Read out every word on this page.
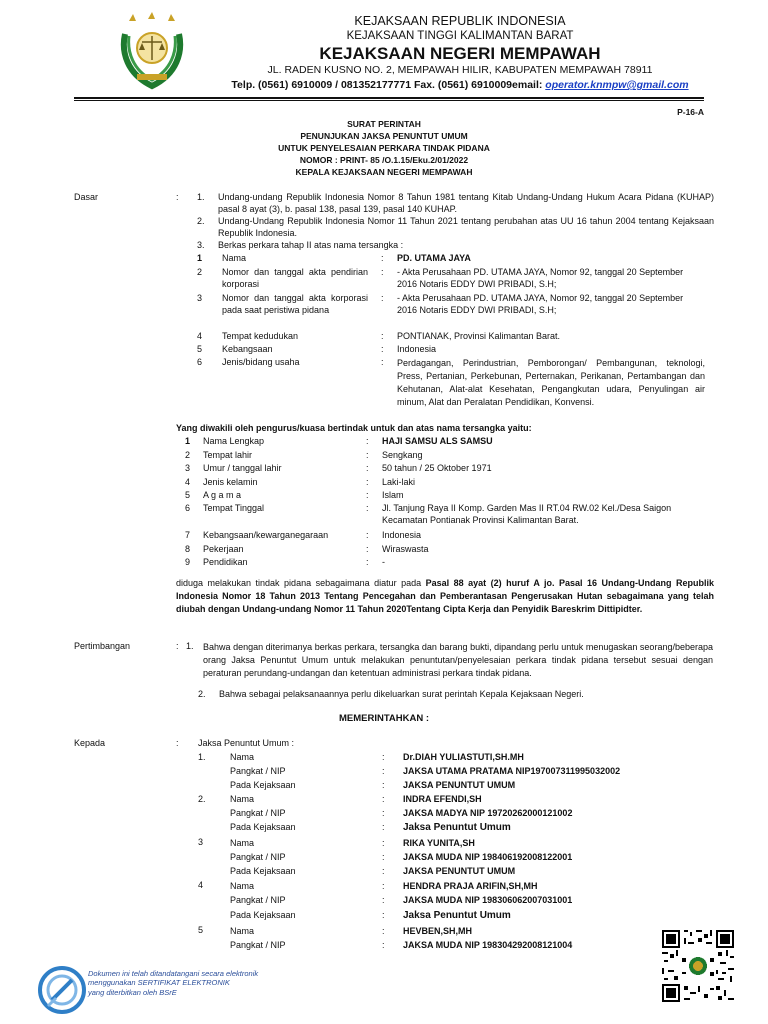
KEJAKSAAN REPUBLIK INDONESIA
KEJAKSAAN TINGGI KALIMANTAN BARAT
KEJAKSAAN NEGERI MEMPAWAH
JL. RADEN KUSNO NO. 2, MEMPAWAH HILIR, KABUPATEN MEMPAWAH 78911
Telp. (0561) 6910009 / 081352177771 Fax. (0561) 6910009email: operator.knmpw@gmail.com
P-16-A
SURAT PERINTAH
PENUNJUKAN JAKSA PENUNTUT UMUM
UNTUK PENYELESAIAN PERKARA TINDAK PIDANA
NOMOR : PRINT- 85 /O.1.15/Eku.2/01/2022
KEPALA KEJAKSAAN NEGERI MEMPAWAH
Dasar	: 1. Undang-undang Republik Indonesia Nomor 8 Tahun 1981 tentang Kitab Undang-Undang Hukum Acara Pidana (KUHAP) pasal 8 ayat (3), b. pasal 138, pasal 139, pasal 140 KUHAP.
2. Undang-Undang Republik Indonesia Nomor 11 Tahun 2021 tentang perubahan atas UU 16 tahun 2004 tentang Kejaksaan Republik Indonesia.
3. Berkas perkara tahap II atas nama tersangka :
1 Nama	: PD. UTAMA JAYA
2 Nomor dan tanggal akta pendirian korporasi
: - Akta Perusahaan PD. UTAMA JAYA, Nomor 92, tanggal 20 September 2016 Notaris EDDY DWI PRIBADI, S.H;
3 Nomor dan tanggal akta korporasi pada saat peristiwa pidana
: - Akta Perusahaan PD. UTAMA JAYA, Nomor 92, tanggal 20 September 2016 Notaris EDDY DWI PRIBADI, S.H;
4 Tempat kedudukan	: PONTIANAK, Provinsi Kalimantan Barat.
5 Kebangsaan	: Indonesia
6 Jenis/bidang usaha	: Perdagangan, Perindustrian, Pemborongan/ Pembangunan, teknologi, Press, Pertanian, Perkebunan, Perternakan, Perikanan, Pertambangan dan Kehutanan, Alat-alat Kesehatan, Pengangkutan udara, Penyulingan air minum, Alat dan Peralatan Pendidikan, Konvensi.
Yang diwakili oleh pengurus/kuasa bertindak untuk dan atas nama tersangka yaitu:
1 Nama Lengkap	: HAJI SAMSU ALS SAMSU
2 Tempat lahir	: Sengkang
3 Umur / tanggal lahir	: 50 tahun / 25 Oktober 1971
4 Jenis kelamin	: Laki-laki
5 A g a m a	: Islam
6 Tempat Tinggal	: Jl. Tanjung Raya II Komp. Garden Mas II RT.04 RW.02 Kel./Desa Saigon Kecamatan Pontianak Provinsi Kalimantan Barat.
7 Kebangsaan/kewarganegaraan	: Indonesia
8 Pekerjaan	: Wiraswasta
9 Pendidikan	: -
diduga melakukan tindak pidana sebagaimana diatur pada Pasal 88 ayat (2) huruf A jo. Pasal 16 Undang-Undang Republik Indonesia Nomor 18 Tahun 2013 Tentang Pencegahan dan Pemberantasan Pengerusakan Hutan sebagaimana yang telah diubah dengan Undang-undang Nomor 11 Tahun 2020Tentang Cipta Kerja dan Penyidik Bareskrim Dittipidter.
Pertimbangan	: 1. Bahwa dengan diterimanya berkas perkara, tersangka dan barang bukti, dipandang perlu untuk menugaskan seorang/beberapa orang Jaksa Penuntut Umum untuk melakukan penuntutan/penyelesaian perkara tindak pidana tersebut sesuai dengan peraturan perundang-undangan dan ketentuan administrasi perkara tindak pidana.
2. Bahwa sebagai pelaksanaannya perlu dikeluarkan surat perintah Kepala Kejaksaan Negeri.
MEMERINTAHKAN :
Kepada	: Jaksa Penuntut Umum :
1.	Nama	: Dr.DIAH YULIASTUTI,SH.MH
Pangkat / NIP	: JAKSA UTAMA PRATAMA NIP197007311995032002
Pada Kejaksaan	: JAKSA PENUNTUT UMUM
2.	Nama	: INDRA EFENDI,SH
Pangkat / NIP	: JAKSA MADYA NIP 19720262000121002
Pada Kejaksaan	: Jaksa Penuntut Umum
3	Nama	: RIKA YUNITA,SH
Pangkat / NIP	: JAKSA MUDA NIP 198406192008122001
Pada Kejaksaan	: JAKSA PENUNTUT UMUM
4	Nama	: HENDRA PRAJA ARIFIN,SH,MH
Pangkat / NIP	: JAKSA MUDA NIP 198306062007031001
Pada Kejaksaan	: Jaksa Penuntut Umum
5	Nama	: HEVBEN,SH,MH
Pangkat / NIP	: JAKSA MUDA NIP 198304292008121004
Dokumen ini telah ditandatangani secara elektronik
menggunakan SERTIFIKAT ELEKTRONIK
yang diterbitkan oleh BSrE
